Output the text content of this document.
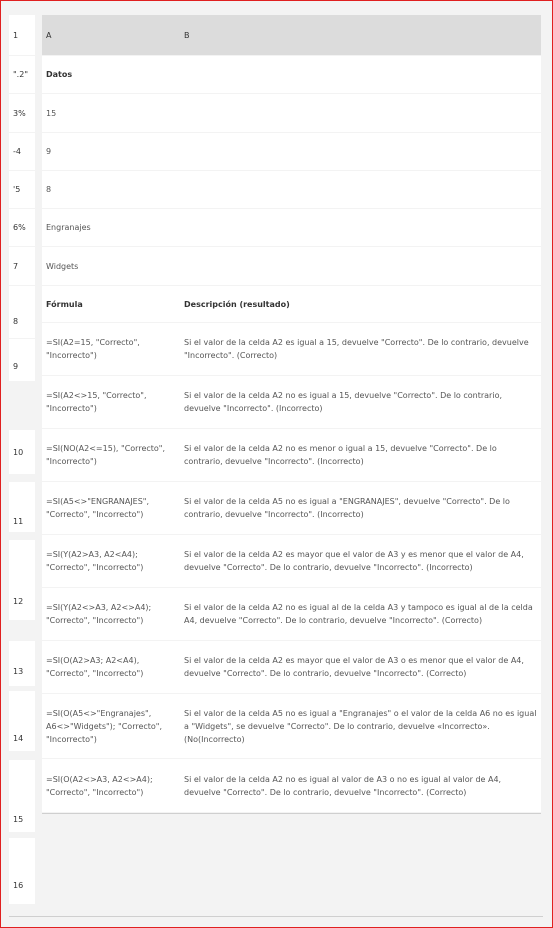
1
".2"
3%
-4
'5
6%
7
8
9
10
11
12
13
14
15
16
A	B
Datos
15
9
8
Engranajes
Widgets
Fórmula	Descripción (resultado)
=SI(A2=15, "Correcto", "Incorrecto")
Si el valor de la celda A2 es igual a 15, devuelve "Correcto". De lo contrario, devuelve "Incorrecto". (Correcto)
=SI(A2<>15, "Correcto", "Incorrecto")
Si el valor de la celda A2 no es igual a 15, devuelve "Correcto". De lo contrario, devuelve "Incorrecto". (Incorrecto)
=SI(NO(A2<=15), "Correcto", "Incorrecto")
Si el valor de la celda A2 no es menor o igual a 15, devuelve "Correcto". De lo contrario, devuelve "Incorrecto". (Incorrecto)
=SI(A5<>"ENGRANAJES", "Correcto", "Incorrecto")
Si el valor de la celda A5 no es igual a "ENGRANAJES", devuelve "Correcto". De lo contrario, devuelve "Incorrecto". (Incorrecto)
=SI(Y(A2>A3, A2<A4); "Correcto", "Incorrecto")
Si el valor de la celda A2 es mayor que el valor de A3 y es menor que el valor de A4, devuelve "Correcto". De lo contrario, devuelve "Incorrecto". (Incorrecto)
=SI(Y(A2<>A3, A2<>A4); "Correcto", "Incorrecto")
Si el valor de la celda A2 no es igual al de la celda A3 y tampoco es igual al de la celda A4, devuelve "Correcto". De lo contrario, devuelve "Incorrecto". (Correcto)
=SI(O(A2>A3; A2<A4), "Correcto", "Incorrecto")
Si el valor de la celda A2 es mayor que el valor de A3 o es menor que el valor de A4, devuelve "Correcto". De lo contrario, devuelve "Incorrecto". (Correcto)
=SI(O(A5<>"Engranajes", A6<>"Widgets"); "Correcto", "Incorrecto")
Si el valor de la celda A5 no es igual a "Engranajes" o el valor de la celda A6 no es igual a "Widgets", se devuelve "Correcto". De lo contrario, devuelve «Incorrecto». (No(Incorrecto)
=SI(O(A2<>A3, A2<>A4); "Correcto", "Incorrecto")
Si el valor de la celda A2 no es igual al valor de A3 o no es igual al valor de A4, devuelve "Correcto". De lo contrario, devuelve "Incorrecto". (Correcto)
